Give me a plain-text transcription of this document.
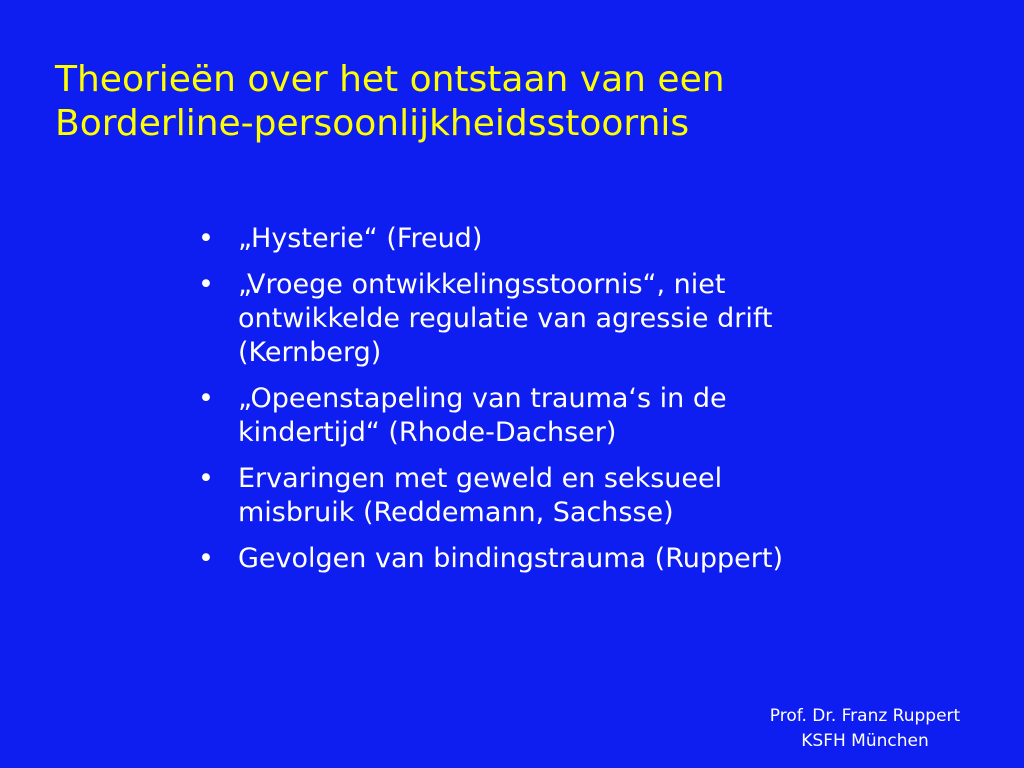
Theorieën over het ontstaan van een
Borderline-persoonlijkheidsstoornis
• „Hysterie“ (Freud)
• „Vroege ontwikkelingsstoornis“, niet
ontwikkelde regulatie van agressie drift
(Kernberg)
• „Opeenstapeling van trauma‘s in de
kindertijd“ (Rhode-Dachser)
• Ervaringen met geweld en seksueel
misbruik (Reddemann, Sachsse)
• Gevolgen van bindingstrauma (Ruppert)
Prof. Dr. Franz Ruppert
KSFH München
